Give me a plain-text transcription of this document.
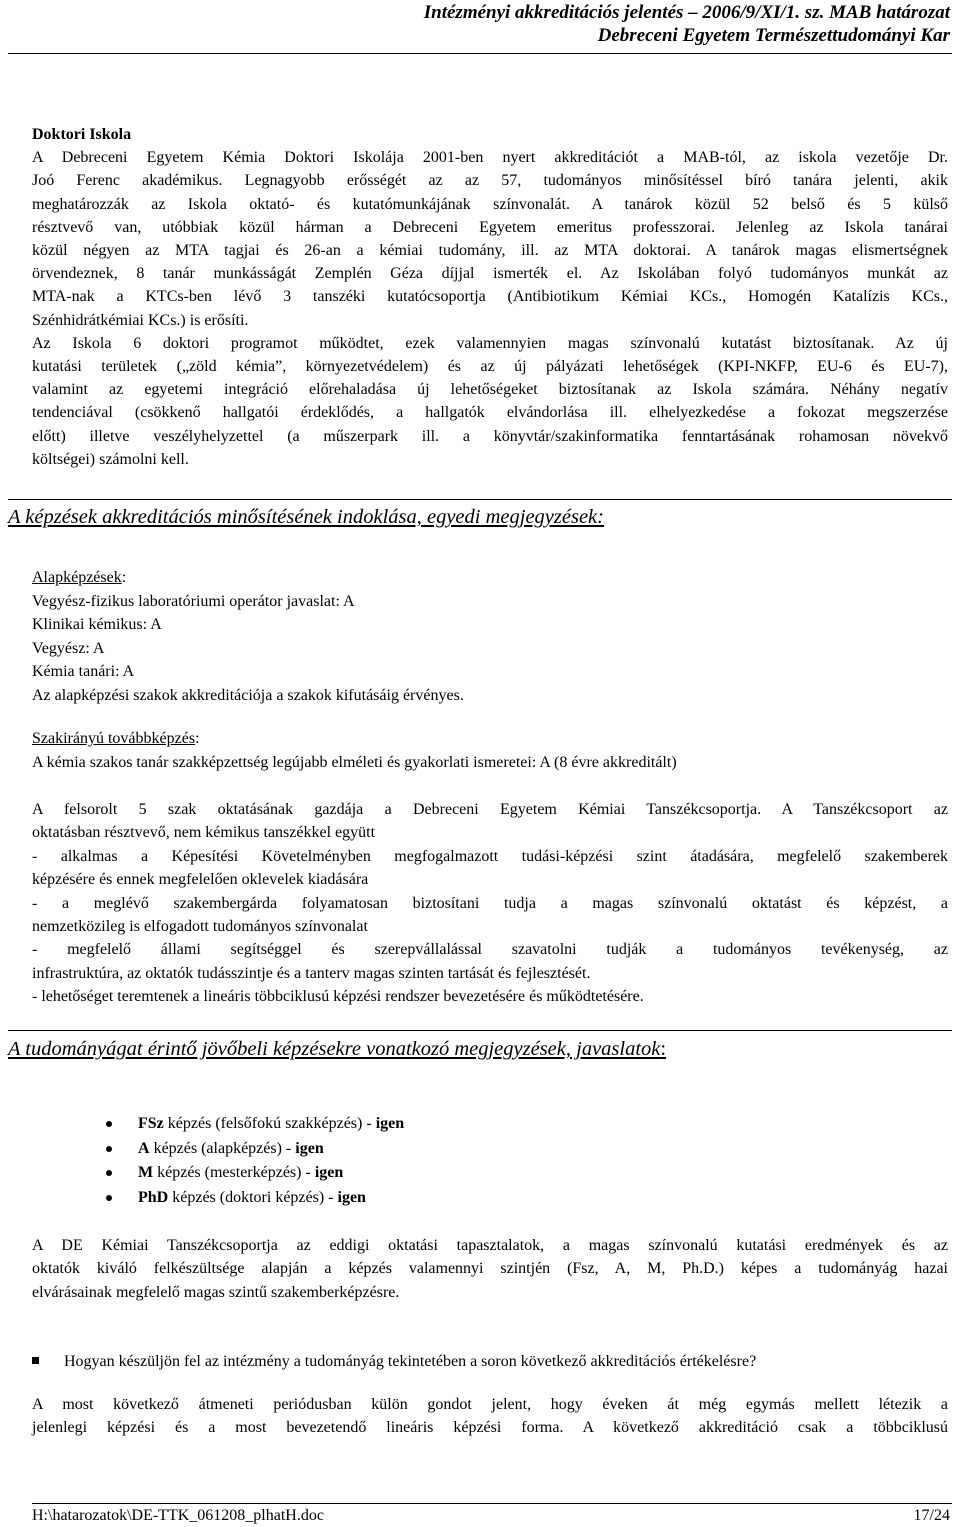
Intézményi akkreditációs jelentés – 2006/9/XI/1. sz. MAB határozat
Debreceni Egyetem Természettudományi Kar
Doktori Iskola
A Debreceni Egyetem Kémia Doktori Iskolája 2001-ben nyert akkreditációt a MAB-tól, az iskola vezetője Dr.
Joó Ferenc akadémikus. Legnagyobb erősségét az az 57, tudományos minősítéssel bíró tanára jelenti, akik
meghatározzák az Iskola oktató- és kutatómunkájának színvonalát. A tanárok közül 52 belső és 5 külső
résztvevő van, utóbbiak közül hárman a Debreceni Egyetem emeritus professzorai. Jelenleg az Iskola tanárai
közül négyen az MTA tagjai és 26-an a kémiai tudomány, ill. az MTA doktorai. A tanárok magas elismertségnek
örvendeznek, 8 tanár munkásságát Zemplén Géza díjjal ismerték el. Az Iskolában folyó tudományos munkát az
MTA-nak a KTCs-ben lévő 3 tanszéki kutatócsoportja (Antibiotikum Kémiai KCs., Homogén Katalízis KCs.,
Szénhidrátkémiai KCs.) is erősíti.
Az Iskola 6 doktori programot működtet, ezek valamennyien magas színvonalú kutatást biztosítanak. Az új
kutatási területek („zöld kémia”, környezetvédelem) és az új pályázati lehetőségek (KPI-NKFP, EU-6 és EU-7),
valamint az egyetemi integráció előrehaladása új lehetőségeket biztosítanak az Iskola számára. Néhány negatív
tendenciával (csökkenő hallgatói érdeklődés, a hallgatók elvándorlása ill. elhelyezkedése a fokozat megszerzése
előtt) illetve veszélyhelyzettel (a műszerpark ill. a könyvtár/szakinformatika fenntartásának rohamosan növekvő
költségei) számolni kell.
A képzések akkreditációs minősítésének indoklása, egyedi megjegyzések:
Alapképzések:
Vegyész-fizikus laboratóriumi operátor javaslat: A
Klinikai kémikus: A
Vegyész: A
Kémia tanári: A
Az alapképzési szakok akkreditációja a szakok kifutásáig érvényes.
Szakirányú továbbképzés:
A kémia szakos tanár szakképzettség legújabb elméleti és gyakorlati ismeretei: A (8 évre akkreditált)
A felsorolt 5 szak oktatásának gazdája a Debreceni Egyetem Kémiai Tanszékcsoportja. A Tanszékcsoport az
oktatásban résztvevő, nem kémikus tanszékkel együtt
- alkalmas a Képesítési Követelményben megfogalmazott tudási-képzési szint átadására, megfelelő szakemberek
képzésére és ennek megfelelően oklevelek kiadására
- a meglévő szakembergárda folyamatosan biztosítani tudja a magas színvonalú oktatást és képzést, a
nemzetközileg is elfogadott tudományos színvonalat
- megfelelő állami segítséggel és szerepvállalással szavatolni tudják a tudományos tevékenység, az
infrastruktúra, az oktatók tudásszintje és a tanterv magas szinten tartását és fejlesztését.
- lehetőséget teremtenek a lineáris többciklusú képzési rendszer bevezetésére és működtetésére.
A tudományágat érintő jövőbeli képzésekre vonatkozó megjegyzések, javaslatok:
FSz képzés (felsőfokú szakképzés) - igen
A képzés (alapképzés) - igen
M képzés (mesterképzés) - igen
PhD képzés (doktori képzés) - igen
A DE Kémiai Tanszékcsoportja az eddigi oktatási tapasztalatok, a magas színvonalú kutatási eredmények és az
oktatók kiváló felkészültsége alapján a képzés valamennyi szintjén (Fsz, A, M, Ph.D.) képes a tudományág hazai
elvárásainak megfelelő magas szintű szakemberképzésre.
Hogyan készüljön fel az intézmény a tudományág tekintetében a soron következő akkreditációs értékelésre?
A most következő átmeneti periódusban külön gondot jelent, hogy éveken át még egymás mellett létezik a
jelenlegi képzési és a most bevezetendő lineáris képzési forma. A következő akkreditáció csak a többciklusú
H:\hatarozatok\DE-TTK_061208_plhatH.doc	17/24
